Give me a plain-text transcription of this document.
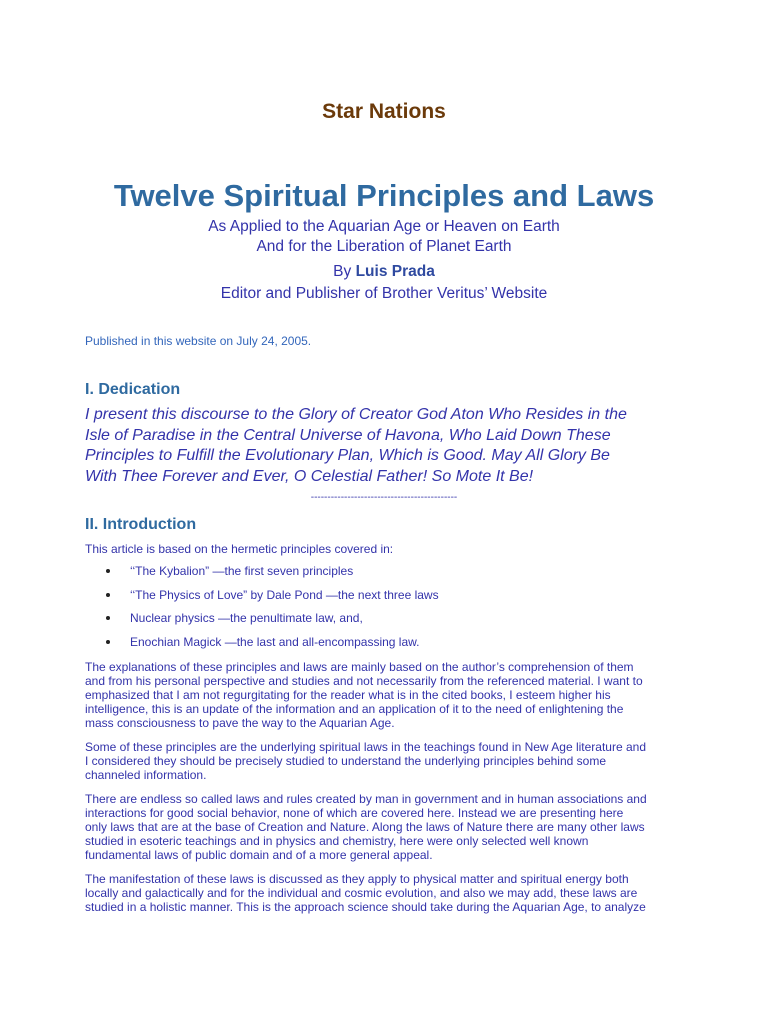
Star Nations
Twelve Spiritual Principles and Laws
As Applied to the Aquarian Age or Heaven on Earth
And for the Liberation of Planet Earth
By Luis Prada
Editor and Publisher of Brother Veritus’ Website
Published in this website on July 24, 2005.
I. Dedication
I present this discourse to the Glory of Creator God Aton Who Resides in the
Isle of Paradise in the Central Universe of Havona, Who Laid Down These
Principles to Fulfill the Evolutionary Plan, Which is Good. May All Glory Be
With Thee Forever and Ever, O Celestial Father! So Mote It Be!
--------------------------------------------
II. Introduction
This article is based on the hermetic principles covered in:
‘‘The Kybalion” —the first seven principles
‘‘The Physics of Love” by Dale Pond —the next three laws
Nuclear physics —the penultimate law, and,
Enochian Magick —the last and all-encompassing law.
The explanations of these principles and laws are mainly based on the author’s comprehension of them
and from his personal perspective and studies and not necessarily from the referenced material. I want to
emphasized that I am not regurgitating for the reader what is in the cited books, I esteem higher his
intelligence, this is an update of the information and an application of it to the need of enlightening the
mass consciousness to pave the way to the Aquarian Age.
Some of these principles are the underlying spiritual laws in the teachings found in New Age literature and
I considered they should be precisely studied to understand the underlying principles behind some
channeled information.
There are endless so called laws and rules created by man in government and in human associations and
interactions for good social behavior, none of which are covered here. Instead we are presenting here
only laws that are at the base of Creation and Nature. Along the laws of Nature there are many other laws
studied in esoteric teachings and in physics and chemistry, here were only selected well known
fundamental laws of public domain and of a more general appeal.
The manifestation of these laws is discussed as they apply to physical matter and spiritual energy both
locally and galactically and for the individual and cosmic evolution, and also we may add, these laws are
studied in a holistic manner. This is the approach science should take during the Aquarian Age, to analyze
